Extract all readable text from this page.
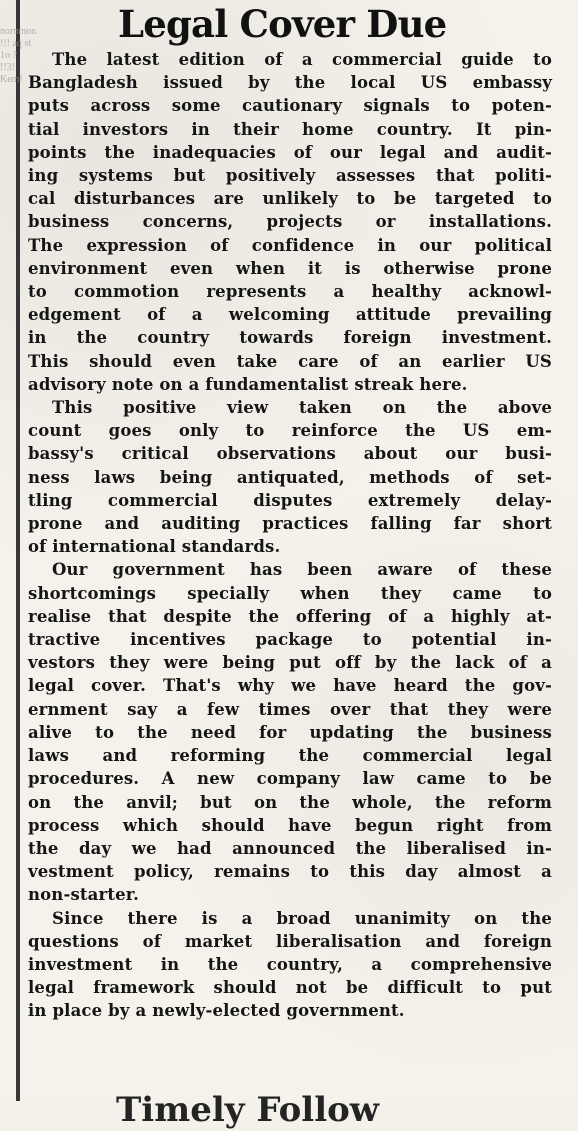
nornmon
!!! aq st
1o ?
!!3!
Kem!
Legal Cover Due
The latest edition of a commercial guide to
Bangladesh issued by the local US embassy
puts across some cautionary signals to poten-
tial investors in their home country. It pin-
points the inadequacies of our legal and audit-
ing systems but positively assesses that politi-
cal disturbances are unlikely to be targeted to
business concerns, projects or installations.
The expression of confidence in our political
environment even when it is otherwise prone
to commotion represents a healthy acknowl-
edgement of a welcoming attitude prevailing
in the country towards foreign investment.
This should even take care of an earlier US
advisory note on a fundamentalist streak here.
This positive view taken on the above
count goes only to reinforce the US em-
bassy's critical observations about our busi-
ness laws being antiquated, methods of set-
tling commercial disputes extremely delay-
prone and auditing practices falling far short
of international standards.
Our government has been aware of these
shortcomings specially when they came to
realise that despite the offering of a highly at-
tractive incentives package to potential in-
vestors they were being put off by the lack of a
legal cover. That's why we have heard the gov-
ernment say a few times over that they were
alive to the need for updating the business
laws and reforming the commercial legal
procedures. A new company law came to be
on the anvil; but on the whole, the reform
process which should have begun right from
the day we had announced the liberalised in-
vestment policy, remains to this day almost a
non-starter.
Since there is a broad unanimity on the
questions of market liberalisation and foreign
investment in the country, a comprehensive
legal framework should not be difficult to put
in place by a newly-elected government.
Timely Follow
